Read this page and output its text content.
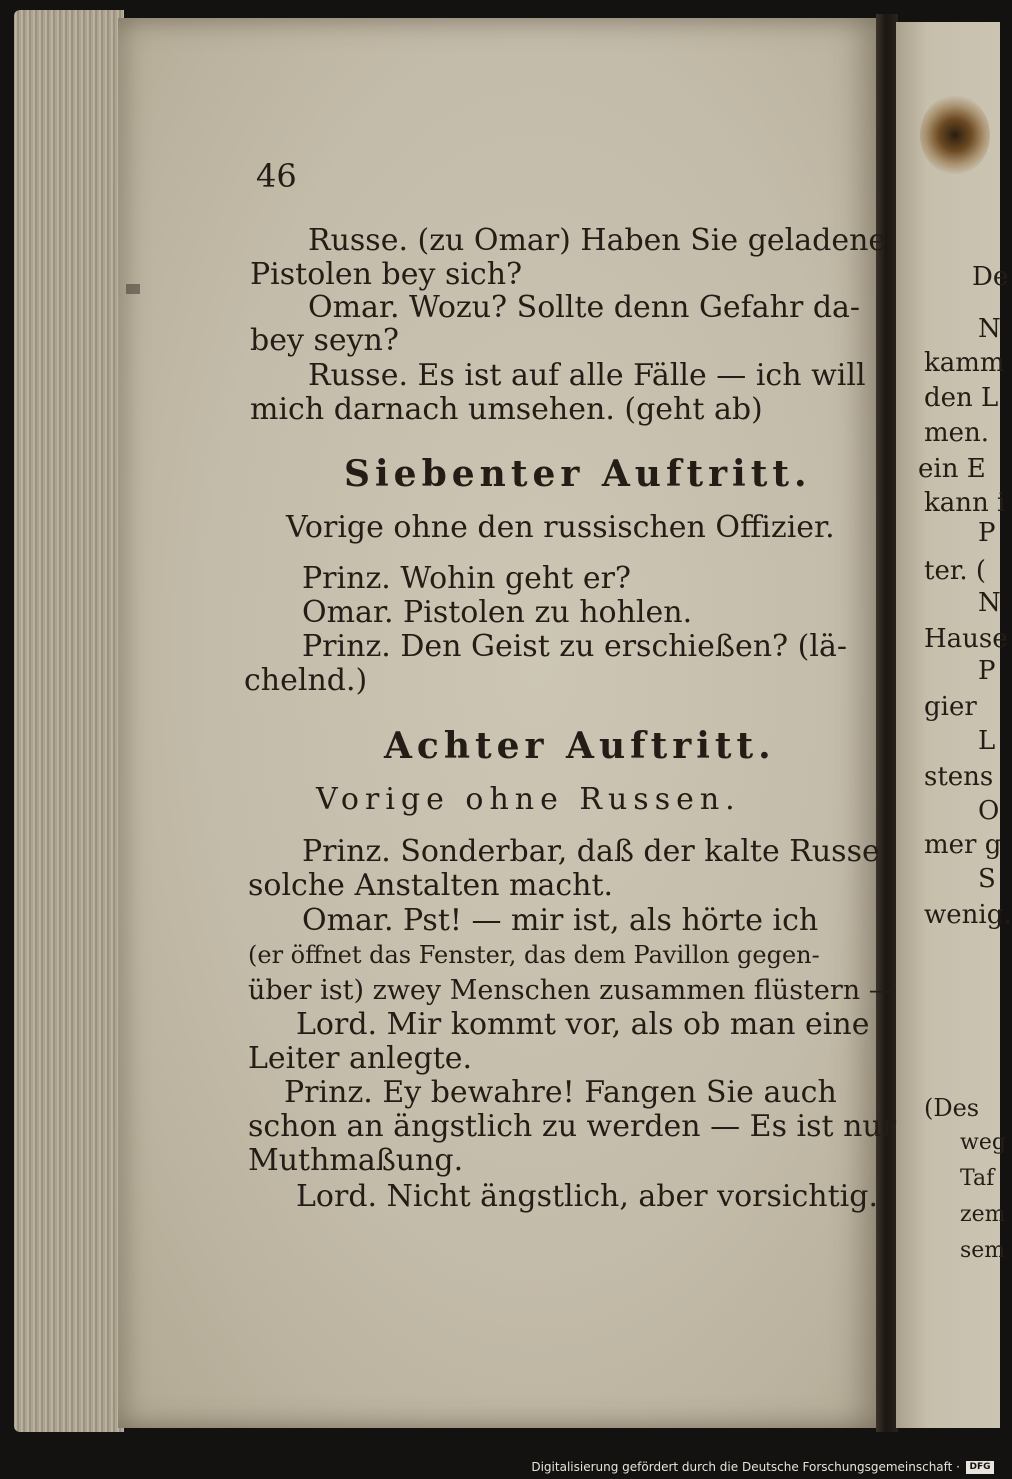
46
Russe. (zu Omar) Haben Sie geladene
Pistolen bey sich?
Omar. Wozu? Sollte denn Gefahr da-
bey seyn?
Russe. Es ist auf alle Fälle — ich will
mich darnach umsehen. (geht ab)
Siebenter Auftritt.
Vorige ohne den russischen Offizier.
Prinz. Wohin geht er?
Omar. Pistolen zu hohlen.
Prinz. Den Geist zu erschießen? (lä-
chelnd.)
Achter Auftritt.
Vorige ohne Russen.
Prinz. Sonderbar, daß der kalte Russe
solche Anstalten macht.
Omar. Pst! — mir ist, als hörte ich
(er öffnet das Fenster, das dem Pavillon gegen-
über ist) zwey Menschen zusammen flüstern —
Lord. Mir kommt vor, als ob man eine
Leiter anlegte.
Prinz. Ey bewahre! Fangen Sie auch
schon an ängstlich zu werden — Es ist nur
Muthmaßung.
Lord. Nicht ängstlich, aber vorsichtig.
De
N
kamm
den L
men.
ein E
kann i
P
ter. (
N
Hause
P
gier
L
stens
O
mer g
S
wenig.
(Des
weg
Taf
zem
sem
Digitalisierung gefördert durch die Deutsche Forschungsgemeinschaft ·	DFG
